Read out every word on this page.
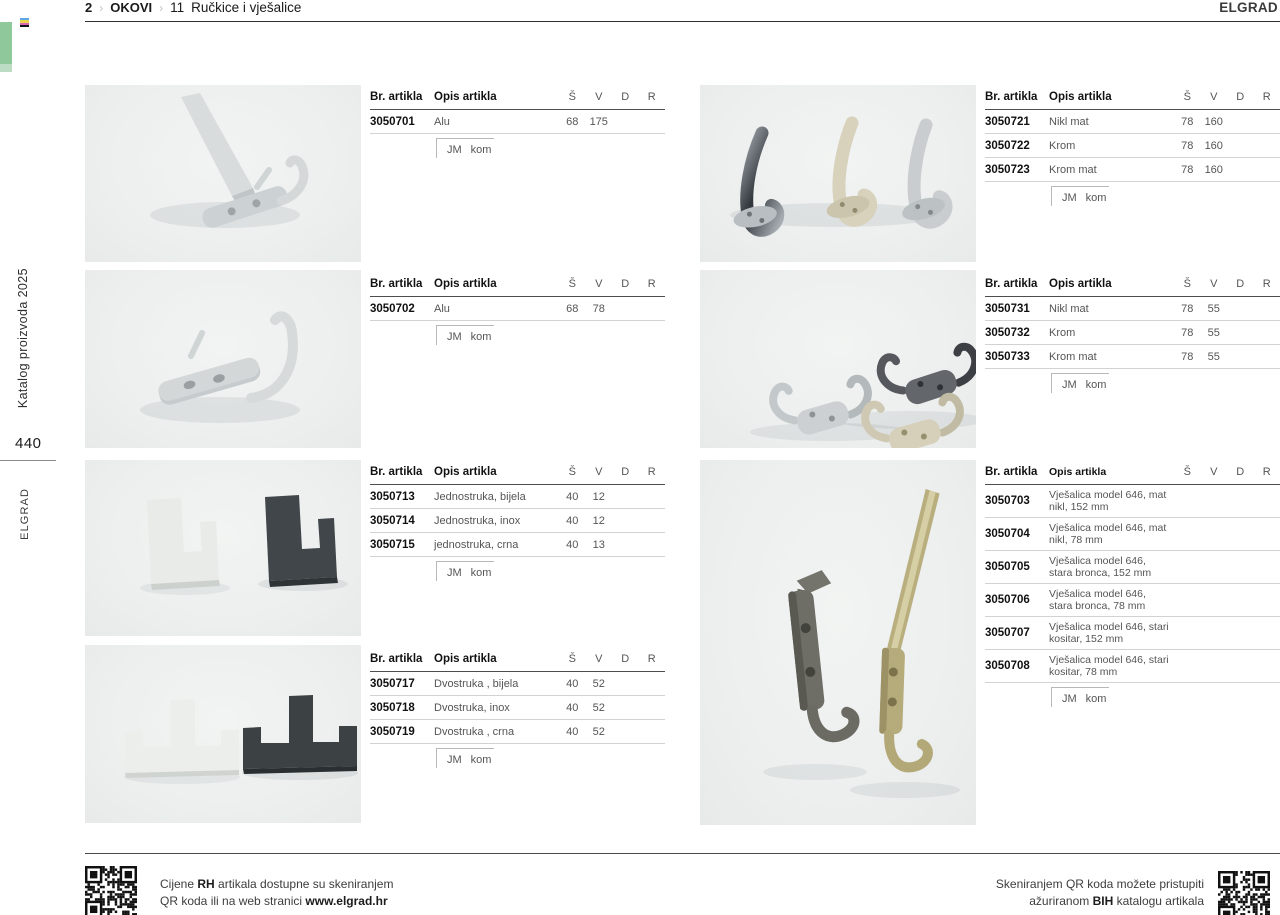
2 › OKOVI › 11 Ručkice i vješalice	ELGRAD
Katalog proizvoda 2025
440
ELGRAD
Br. artikla	Opis artikla	Š	V	D	R
3050701	Alu	68	175
JM kom
Br. artikla	Opis artikla	Š	V	D	R
3050702	Alu	68	78
JM kom
Br. artikla	Opis artikla	Š	V	D	R
3050713	Jednostruka, bijela	40	12
3050714	Jednostruka, inox	40	12
3050715	jednostruka, crna	40	13
JM kom
Br. artikla	Opis artikla	Š	V	D	R
3050717	Dvostruka , bijela	40	52
3050718	Dvostruka, inox	40	52
3050719	Dvostruka , crna	40	52
JM kom
Br. artikla	Opis artikla	Š	V	D	R
3050721	Nikl mat	78	160
3050722	Krom	78	160
3050723	Krom mat	78	160
JM kom
Br. artikla	Opis artikla	Š	V	D	R
3050731	Nikl mat	78	55
3050732	Krom	78	55
3050733	Krom mat	78	55
JM kom
Br. artikla	Opis artikla	Š	V	D	R
3050703	Vješalica model 646, mat nikl, 152 mm
3050704	Vješalica model 646, mat nikl, 78 mm
3050705	Vješalica model 646, stara bronca, 152 mm
3050706	Vješalica model 646, stara bronca, 78 mm
3050707	Vješalica model 646, stari kositar, 152 mm
3050708	Vješalica model 646, stari kositar, 78 mm
JM kom
Cijene RH artikala dostupne su skeniranjem
QR koda ili na web stranici www.elgrad.hr
Skeniranjem QR koda možete pristupiti
ažuriranom BIH katalogu artikala
